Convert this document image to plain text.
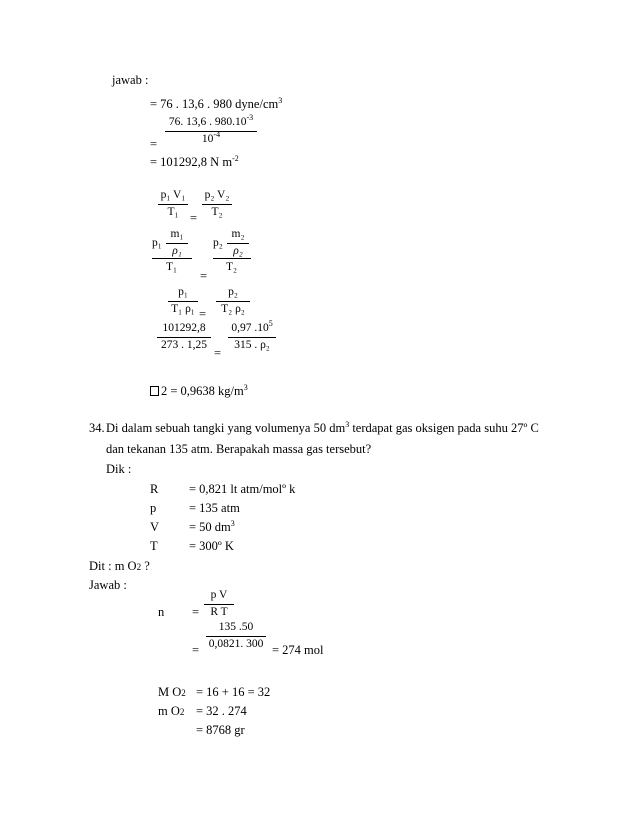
jawab :
= 76 . 13,6 . 980 dyne/$cm^3$
76. 13,6 . $980.10^{-3}$
$10^{-4}$
=
= 101292,8 N $m^{-2}$
p₁ V₁
T₁ =
p₂ V₂
T₂
p₁
m₁
ρ₁
T₁
=
p₂
m₂
ρ₂
T₂
p₁
T₁ ρ₁ =
p₂
T₂ ρ₂
101292,8
273 . 1,25
=
0,97 $.10^5$
315 . ρ₂
2 = 0,9638 $kg/m^3$
34. Di dalam sebuah tangki yang volumenya 50 $dm^3$ terdapat gas oksigen pada suhu 27º C
dan tekanan 135 atm. Berapakah massa gas tersebut?
Dik :
R = 0,821 lt atm/molº k
p	= 135 atm
V = 50 $dm^3$
T	= 300º K
Dit : m O2 ?
Jawab :
n =
p V
R T
=
135 .50
0,0821. 300 = 274 mol
M O2 = 16 + 16 = 32
m O2 = 32 . 274
= 8768 gr
